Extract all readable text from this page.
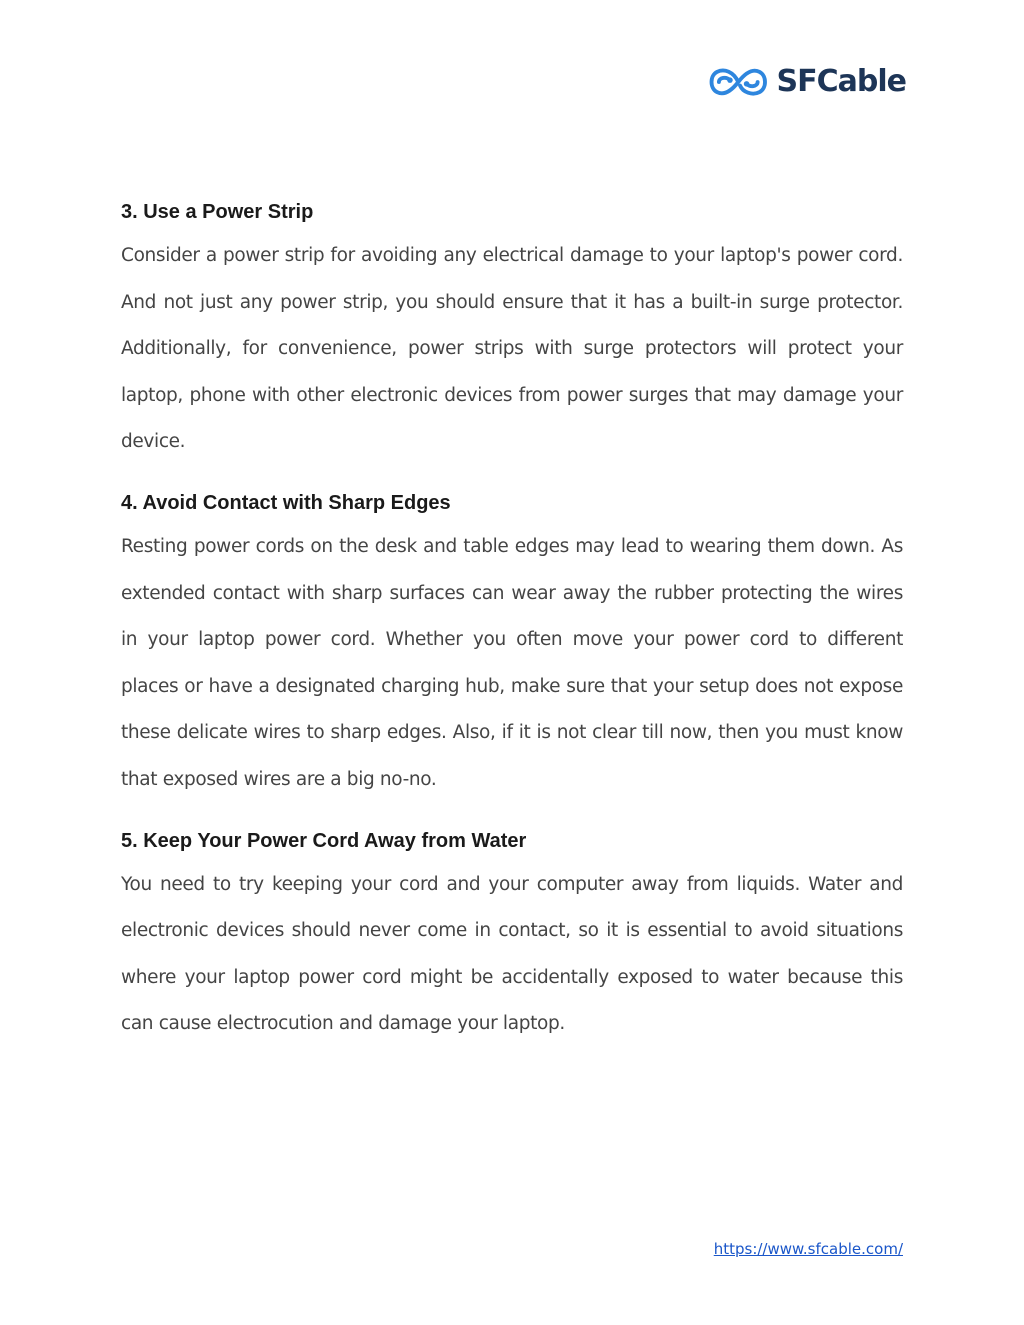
SFCable
3. Use a Power Strip

Consider a power strip for avoiding any electrical damage to your laptop's power cord. And not just any power strip, you should ensure that it has a built-in surge protector. Additionally, for convenience, power strips with surge protectors will protect your laptop, phone with other electronic devices from power surges that may damage your device.

4. Avoid Contact with Sharp Edges

Resting power cords on the desk and table edges may lead to wearing them down. As extended contact with sharp surfaces can wear away the rubber protecting the wires in your laptop power cord. Whether you often move your power cord to different places or have a designated charging hub, make sure that your setup does not expose these delicate wires to sharp edges. Also, if it is not clear till now, then you must know that exposed wires are a big no-no.

5. Keep Your Power Cord Away from Water

You need to try keeping your cord and your computer away from liquids. Water and electronic devices should never come in contact, so it is essential to avoid situations where your laptop power cord might be accidentally exposed to water because this can cause electrocution and damage your laptop.

https://www.sfcable.com/
